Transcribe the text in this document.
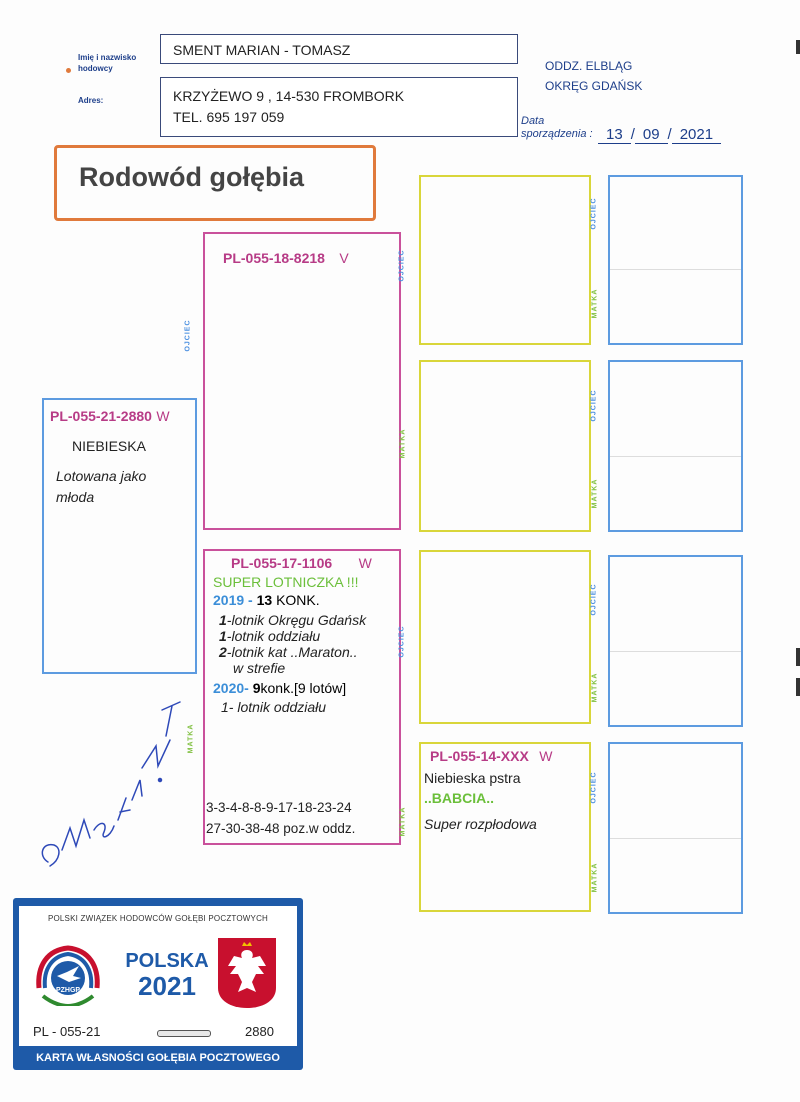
Imię i nazwisko hodowcy
Adres:
SMENT MARIAN - TOMASZ
KRZYŻEWO 9 , 14-530 FROMBORK
TEL. 695 197 059
ODDZ. ELBLĄG
OKRĘG GDAŃSK
Data
sporządzenia : 13 / 09 / 2021
Rodowód gołębia
PL-055-21-2880 W
NIEBIESKA
Lotowana jako młoda
PL-055-18-8218 V
PL-055-17-1106 W
SUPER LOTNICZKA !!!
2019 - 13 KONK.
1-lotnik Okręgu Gdańsk
1-lotnik oddziału
2-lotnik kat ..Maraton..
w strefie
2020- 9konk.[9 lotów]
1- lotnik oddziału
3-3-4-8-8-9-17-18-23-24
27-30-38-48 poz.w oddz.
PL-055-14-XXX W
Niebieska pstra
..BABCIA..
Super rozpłodowa
OJCIEC
MATKA
OJCIEC
MATKA
OJCIEC
MATKA
OJCIEC
MATKA
OJCIEC
MATKA
OJCIEC
MATKA
OJCIEC
MATKA
POLSKI ZWIĄZEK HODOWCÓW GOŁĘBI POCZTOWYCH
PZHGP
POLSKA
2021
PL - 055-21	2880
KARTA WŁASNOŚCI GOŁĘBIA POCZTOWEGO
